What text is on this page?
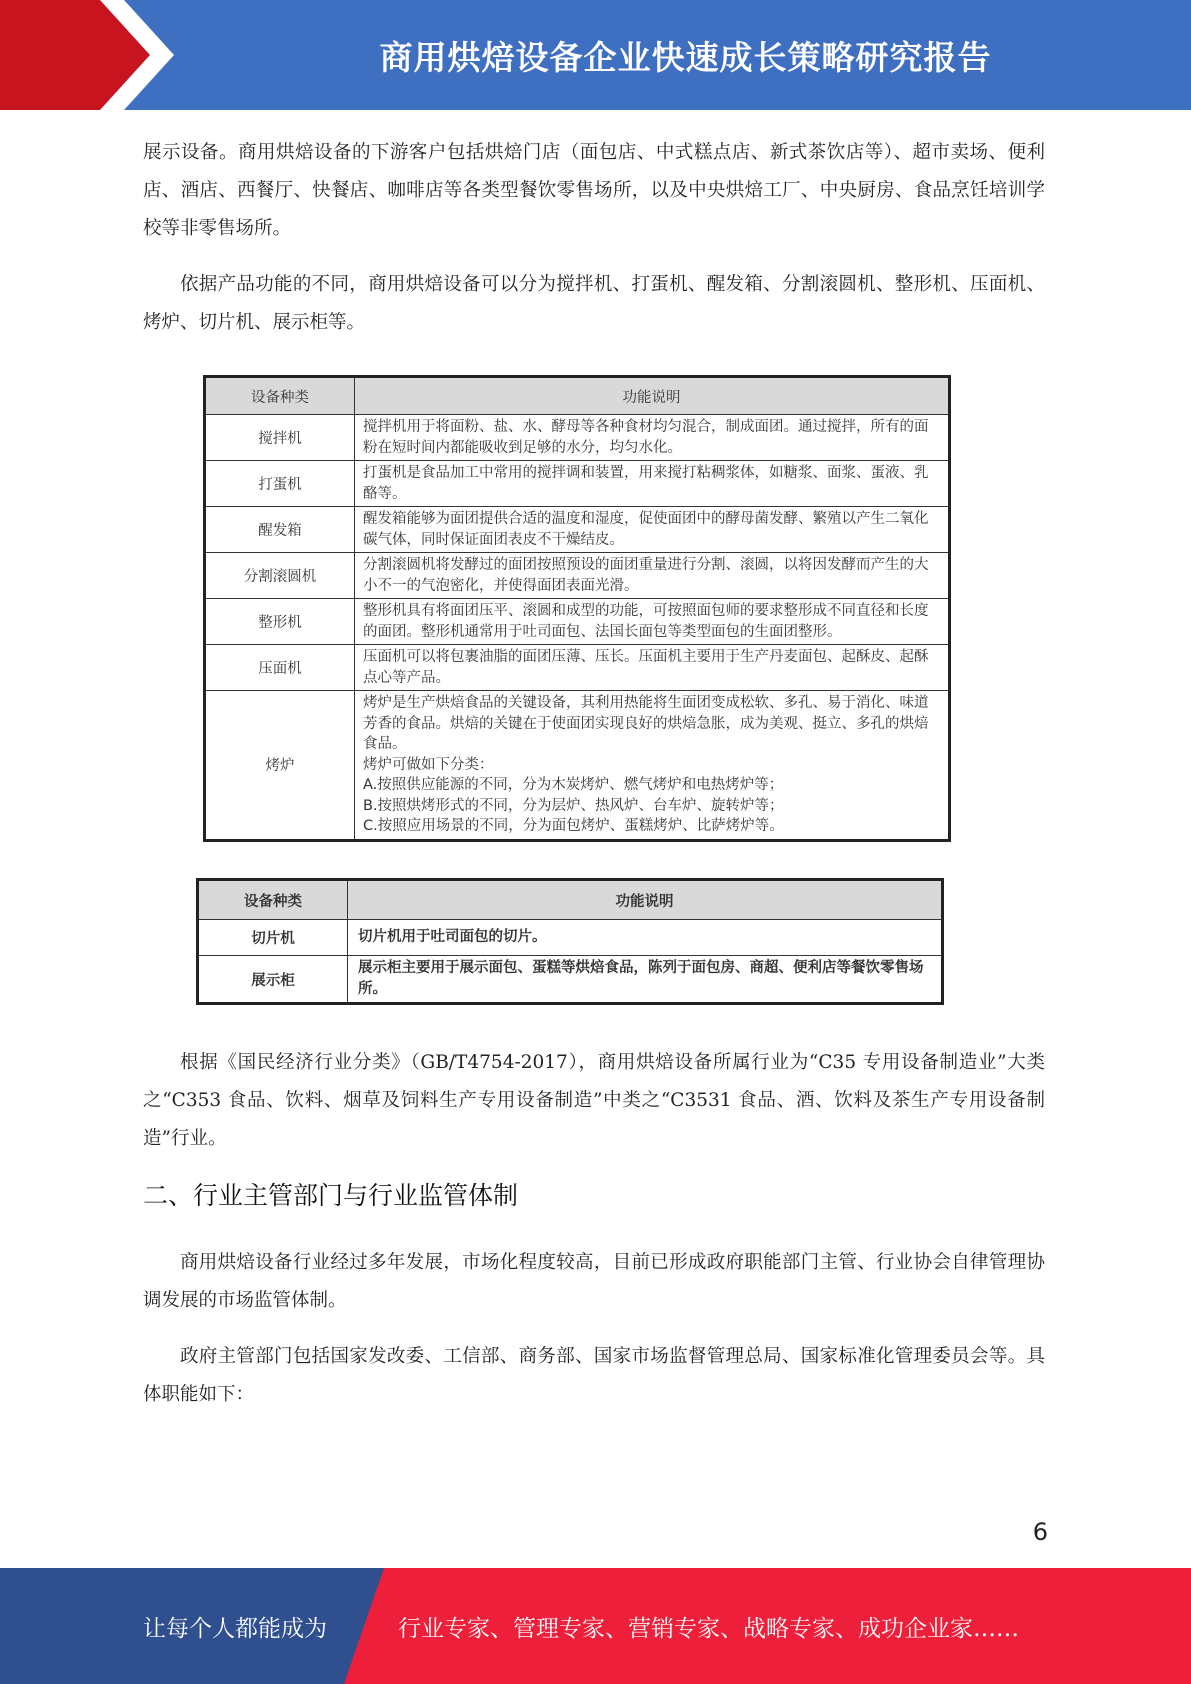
商用烘焙设备企业快速成长策略研究报告

展示设备。商用烘焙设备的下游客户包括烘焙门店（面包店、中式糕点店、新式茶饮店等）、超市卖场、便利店、酒店、西餐厅、快餐店、咖啡店等各类型餐饮零售场所，以及中央烘焙工厂、中央厨房、食品烹饪培训学校等非零售场所。

依据产品功能的不同，商用烘焙设备可以分为搅拌机、打蛋机、醒发箱、分割滚圆机、整形机、压面机、烤炉、切片机、展示柜等。

设备种类	功能说明
搅拌机	搅拌机用于将面粉、盐、水、酵母等各种食材均匀混合，制成面团。通过搅拌，所有的面粉在短时间内都能吸收到足够的水分，均匀水化。
打蛋机	打蛋机是食品加工中常用的搅拌调和装置，用来搅打粘稠浆体，如糖浆、面浆、蛋液、乳酪等。
醒发箱	醒发箱能够为面团提供合适的温度和湿度，促使面团中的酵母菌发酵、繁殖以产生二氧化碳气体，同时保证面团表皮不干燥结皮。
分割滚圆机	分割滚圆机将发酵过的面团按照预设的面团重量进行分割、滚圆，以将因发酵而产生的大小不一的气泡密化，并使得面团表面光滑。
整形机	整形机具有将面团压平、滚圆和成型的功能，可按照面包师的要求整形成不同直径和长度的面团。整形机通常用于吐司面包、法国长面包等类型面包的生面团整形。
压面机	压面机可以将包裹油脂的面团压薄、压长。压面机主要用于生产丹麦面包、起酥皮、起酥点心等产品。
烤炉	烤炉是生产烘焙食品的关键设备，其利用热能将生面团变成松软、多孔、易于消化、味道芳香的食品。烘焙的关键在于使面团实现良好的烘焙急胀，成为美观、挺立、多孔的烘焙食品。
烤炉可做如下分类：
A.按照供应能源的不同，分为木炭烤炉、燃气烤炉和电热烤炉等；
B.按照烘烤形式的不同，分为层炉、热风炉、台车炉、旋转炉等；
C.按照应用场景的不同，分为面包烤炉、蛋糕烤炉、比萨烤炉等。
设备种类	功能说明
切片机	切片机用于吐司面包的切片。
展示柜	展示柜主要用于展示面包、蛋糕等烘焙食品，陈列于面包房、商超、便利店等餐饮零售场所。

根据《国民经济行业分类》（GB/T4754-2017），商用烘焙设备所属行业为“C35 专用设备制造业”大类之“C353 食品、饮料、烟草及饲料生产专用设备制造”中类之“C3531 食品、酒、饮料及茶生产专用设备制造”行业。

二、行业主管部门与行业监管体制

商用烘焙设备行业经过多年发展，市场化程度较高，目前已形成政府职能部门主管、行业协会自律管理协调发展的市场监管体制。

政府主管部门包括国家发改委、工信部、商务部、国家市场监督管理总局、国家标准化管理委员会等。具体职能如下：

6
让每个人都能成为	行业专家、管理专家、营销专家、战略专家、成功企业家……
